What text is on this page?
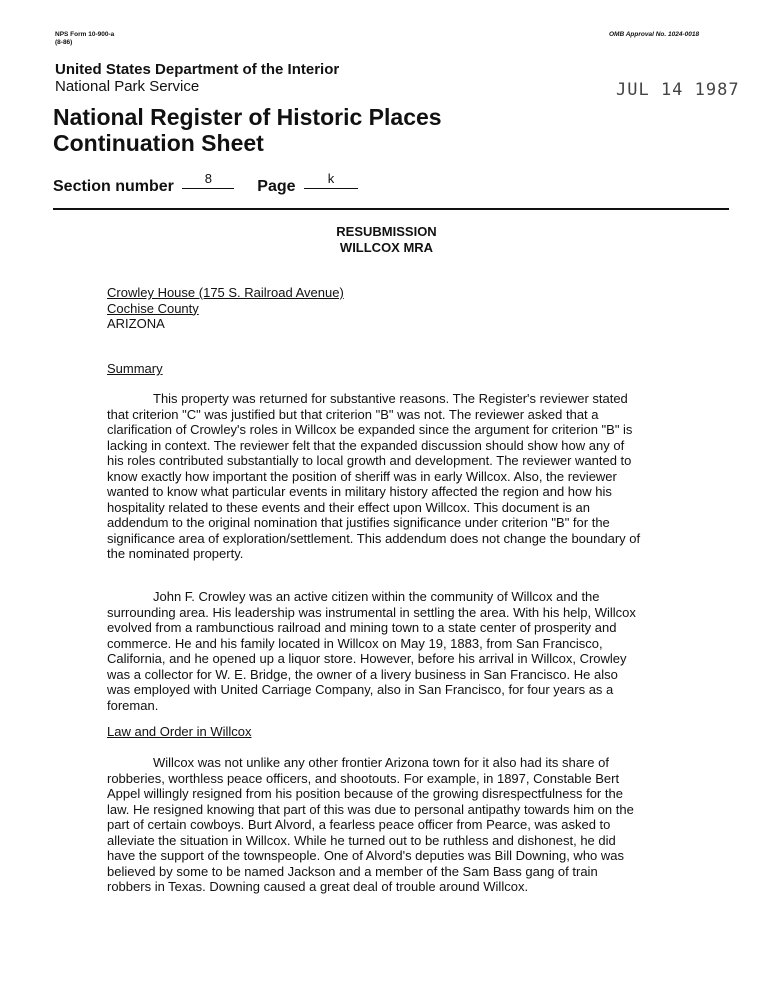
NPS Form 10-900-a
(8-86)
OMB Approval No. 1024-0018
United States Department of the Interior
National Park Service	JUL 14 1987
National Register of Historic Places
Continuation Sheet
Section number 8	Page k
RESUBMISSION
WILLCOX MRA
Crowley House (175 S. Railroad Avenue)
Cochise County
ARIZONA
Summary
This property was returned for substantive reasons. The Register's reviewer stated that criterion "C" was justified but that criterion "B" was not. The reviewer asked that a clarification of Crowley's roles in Willcox be expanded since the argument for criterion "B" is lacking in context. The reviewer felt that the expanded discussion should show how any of his roles contributed substantially to local growth and development. The reviewer wanted to know exactly how important the position of sheriff was in early Willcox. Also, the reviewer wanted to know what particular events in military history affected the region and how his hospitality related to these events and their effect upon Willcox. This document is an addendum to the original nomination that justifies significance under criterion "B" for the significance area of exploration/settlement. This addendum does not change the boundary of the nominated property.
John F. Crowley was an active citizen within the community of Willcox and the surrounding area. His leadership was instrumental in settling the area. With his help, Willcox evolved from a rambunctious railroad and mining town to a state center of prosperity and commerce. He and his family located in Willcox on May 19, 1883, from San Francisco, California, and he opened up a liquor store. However, before his arrival in Willcox, Crowley was a collector for W. E. Bridge, the owner of a livery business in San Francisco. He also was employed with United Carriage Company, also in San Francisco, for four years as a foreman.
Law and Order in Willcox
Willcox was not unlike any other frontier Arizona town for it also had its share of robberies, worthless peace officers, and shootouts. For example, in 1897, Constable Bert Appel willingly resigned from his position because of the growing disrespectfulness for the law. He resigned knowing that part of this was due to personal antipathy towards him on the part of certain cowboys. Burt Alvord, a fearless peace officer from Pearce, was asked to alleviate the situation in Willcox. While he turned out to be ruthless and dishonest, he did have the support of the townspeople. One of Alvord's deputies was Bill Downing, who was believed by some to be named Jackson and a member of the Sam Bass gang of train robbers in Texas. Downing caused a great deal of trouble around Willcox.
